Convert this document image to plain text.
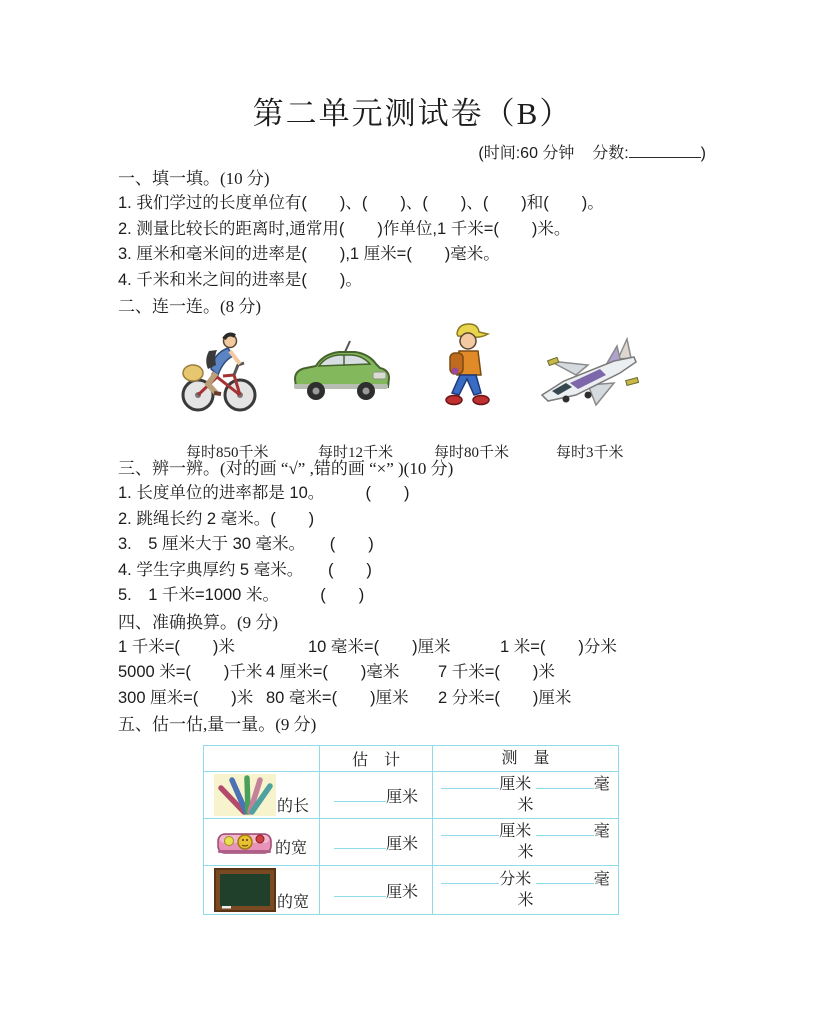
第二单元测试卷（B）
(时间:60 分钟 分数:	)
一、填一填。(10 分)
1. 我们学过的长度单位有(　　)、(　　)、(　　)、(　　)和(　　)。
2. 测量比较长的距离时,通常用(　　)作单位,1 千米=(　　)米。
3. 厘米和毫米间的进率是(　　),1 厘米=(　　)毫米。
4. 千米和米之间的进率是(　　)。
二、连一连。(8 分)
每时850千米	每时12千米	每时80千米	每时3千米
三、辨一辨。(对的画 “√” ,错的画 “×” )(10 分)
1. 长度单位的进率都是 10。　　　(　　)
2. 跳绳长约 2 毫米。(　　)
3.　5 厘米大于 30 毫米。　　(　　)
4. 学生字典厚约 5 毫米。　　(　　)
5.　1 千米=1000 米。　　　(　　)
四、准确换算。(9 分)
1 千米=(　　)米	10 毫米=(　　)厘米	1 米=(　　)分米
5000 米=(　　)千米 4 厘米=(　　)毫米 7 千米=(　　)米
300 厘米=(　　)米 80 毫米=(　　)厘米 2 分米=(　　)厘米
五、估一估,量一量。(9 分)
	估　计	测　量

的长	厘米	厘米 毫米

的宽	厘米	厘米 毫米

的宽	厘米	分米 毫米
